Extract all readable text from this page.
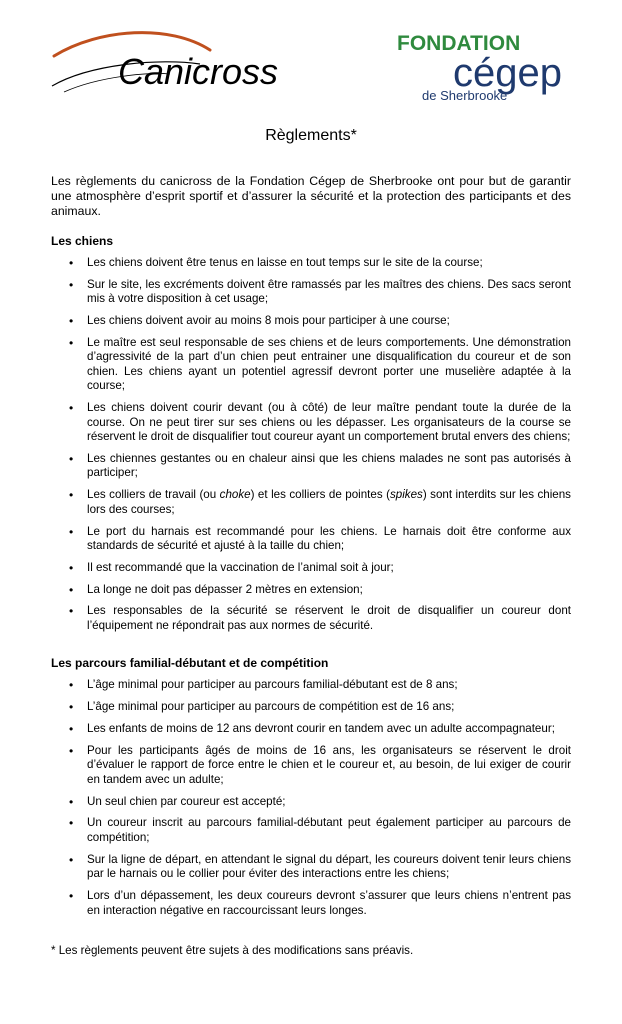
Canicross
FONDATION
cégep
de Sherbrooke
Règlements*

Les règlements du canicross de la Fondation Cégep de Sherbrooke ont pour but de garantir une atmosphère d’esprit sportif et d’assurer la sécurité et la protection des participants et des animaux.

Les chiens
• Les chiens doivent être tenus en laisse en tout temps sur le site de la course;
• Sur le site, les excréments doivent être ramassés par les maîtres des chiens. Des sacs seront mis à votre disposition à cet usage;
• Les chiens doivent avoir au moins 8 mois pour participer à une course;
• Le maître est seul responsable de ses chiens et de leurs comportements. Une démonstration d’agressivité de la part d’un chien peut entrainer une disqualification du coureur et de son chien. Les chiens ayant un potentiel agressif devront porter une muselière adaptée à la course;
• Les chiens doivent courir devant (ou à côté) de leur maître pendant toute la durée de la course. On ne peut tirer sur ses chiens ou les dépasser. Les organisateurs de la course se réservent le droit de disqualifier tout coureur ayant un comportement brutal envers des chiens;
• Les chiennes gestantes ou en chaleur ainsi que les chiens malades ne sont pas autorisés à participer;
• Les colliers de travail (ou choke) et les colliers de pointes (spikes) sont interdits sur les chiens lors des courses;
• Le port du harnais est recommandé pour les chiens. Le harnais doit être conforme aux standards de sécurité et ajusté à la taille du chien;
• Il est recommandé que la vaccination de l’animal soit à jour;
• La longe ne doit pas dépasser 2 mètres en extension;
• Les responsables de la sécurité se réservent le droit de disqualifier un coureur dont l’équipement ne répondrait pas aux normes de sécurité.
Les parcours familial-débutant et de compétition
• L’âge minimal pour participer au parcours familial-débutant est de 8 ans;
• L’âge minimal pour participer au parcours de compétition est de 16 ans;
• Les enfants de moins de 12 ans devront courir en tandem avec un adulte accompagnateur;
• Pour les participants âgés de moins de 16 ans, les organisateurs se réservent le droit d’évaluer le rapport de force entre le chien et le coureur et, au besoin, de lui exiger de courir en tandem avec un adulte;
• Un seul chien par coureur est accepté;
• Un coureur inscrit au parcours familial-débutant peut également participer au parcours de compétition;
• Sur la ligne de départ, en attendant le signal du départ, les coureurs doivent tenir leurs chiens par le harnais ou le collier pour éviter des interactions entre les chiens;
• Lors d’un dépassement, les deux coureurs devront s’assurer que leurs chiens n’entrent pas en interaction négative en raccourcissant leurs longes.
* Les règlements peuvent être sujets à des modifications sans préavis.
